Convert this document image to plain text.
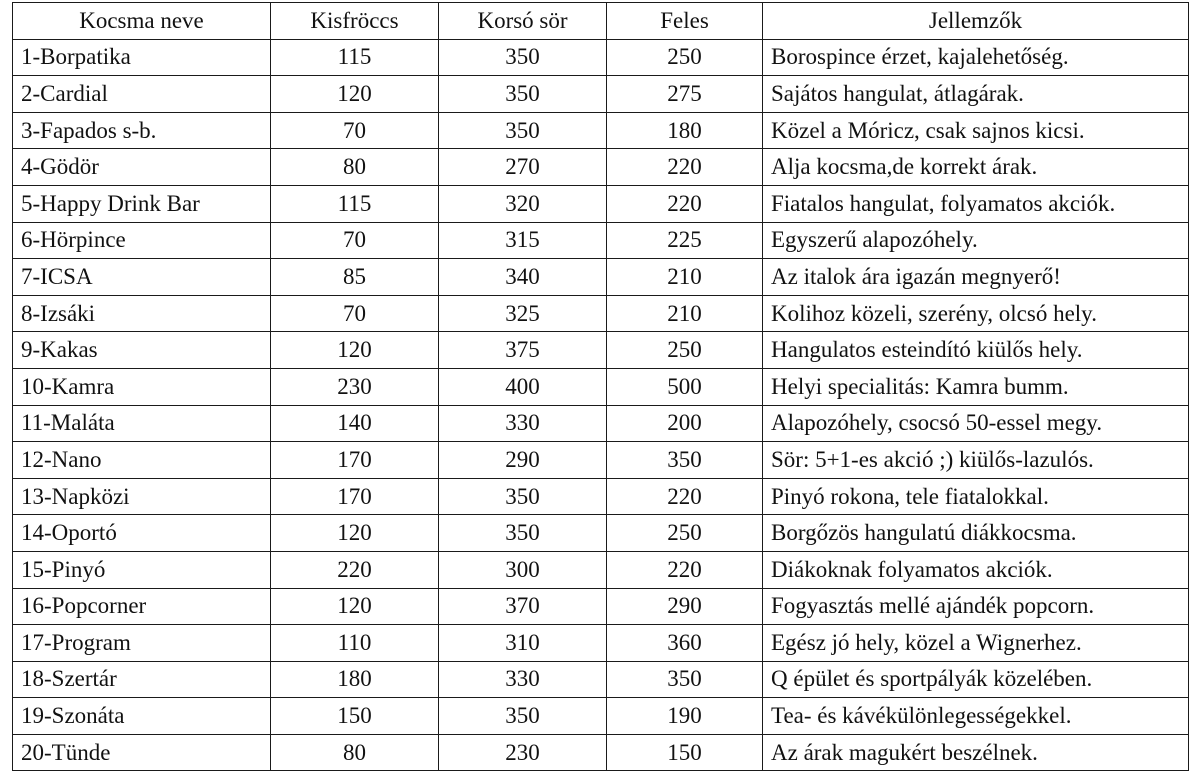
Kocsma neve	Kisfröccs	Korsó sör	Feles	Jellemzők
1-Borpatika	115	350	250	Borospince érzet, kajalehetőség.
2-Cardial	120	350	275	Sajátos hangulat, átlagárak.
3-Fapados s-b.	70	350	180	Közel a Móricz, csak sajnos kicsi.
4-Gödör	80	270	220	Alja kocsma,de korrekt árak.
5-Happy Drink Bar	115	320	220	Fiatalos hangulat, folyamatos akciók.
6-Hörpince	70	315	225	Egyszerű alapozóhely.
7-ICSA	85	340	210	Az italok ára igazán megnyerő!
8-Izsáki	70	325	210	Kolihoz közeli, szerény, olcsó hely.
9-Kakas	120	375	250	Hangulatos esteindító kiülős hely.
10-Kamra	230	400	500	Helyi specialitás: Kamra bumm.
11-Maláta	140	330	200	Alapozóhely, csocsó 50-essel megy.
12-Nano	170	290	350	Sör: 5+1-es akció ;) kiülős-lazulós.
13-Napközi	170	350	220	Pinyó rokona, tele fiatalokkal.
14-Oportó	120	350	250	Borgőzös hangulatú diákkocsma.
15-Pinyó	220	300	220	Diákoknak folyamatos akciók.
16-Popcorner	120	370	290	Fogyasztás mellé ajándék popcorn.
17-Program	110	310	360	Egész jó hely, közel a Wignerhez.
18-Szertár	180	330	350	Q épület és sportpályák közelében.
19-Szonáta	150	350	190	Tea- és kávékülönlegességekkel.
20-Tünde	80	230	150	Az árak magukért beszélnek.
